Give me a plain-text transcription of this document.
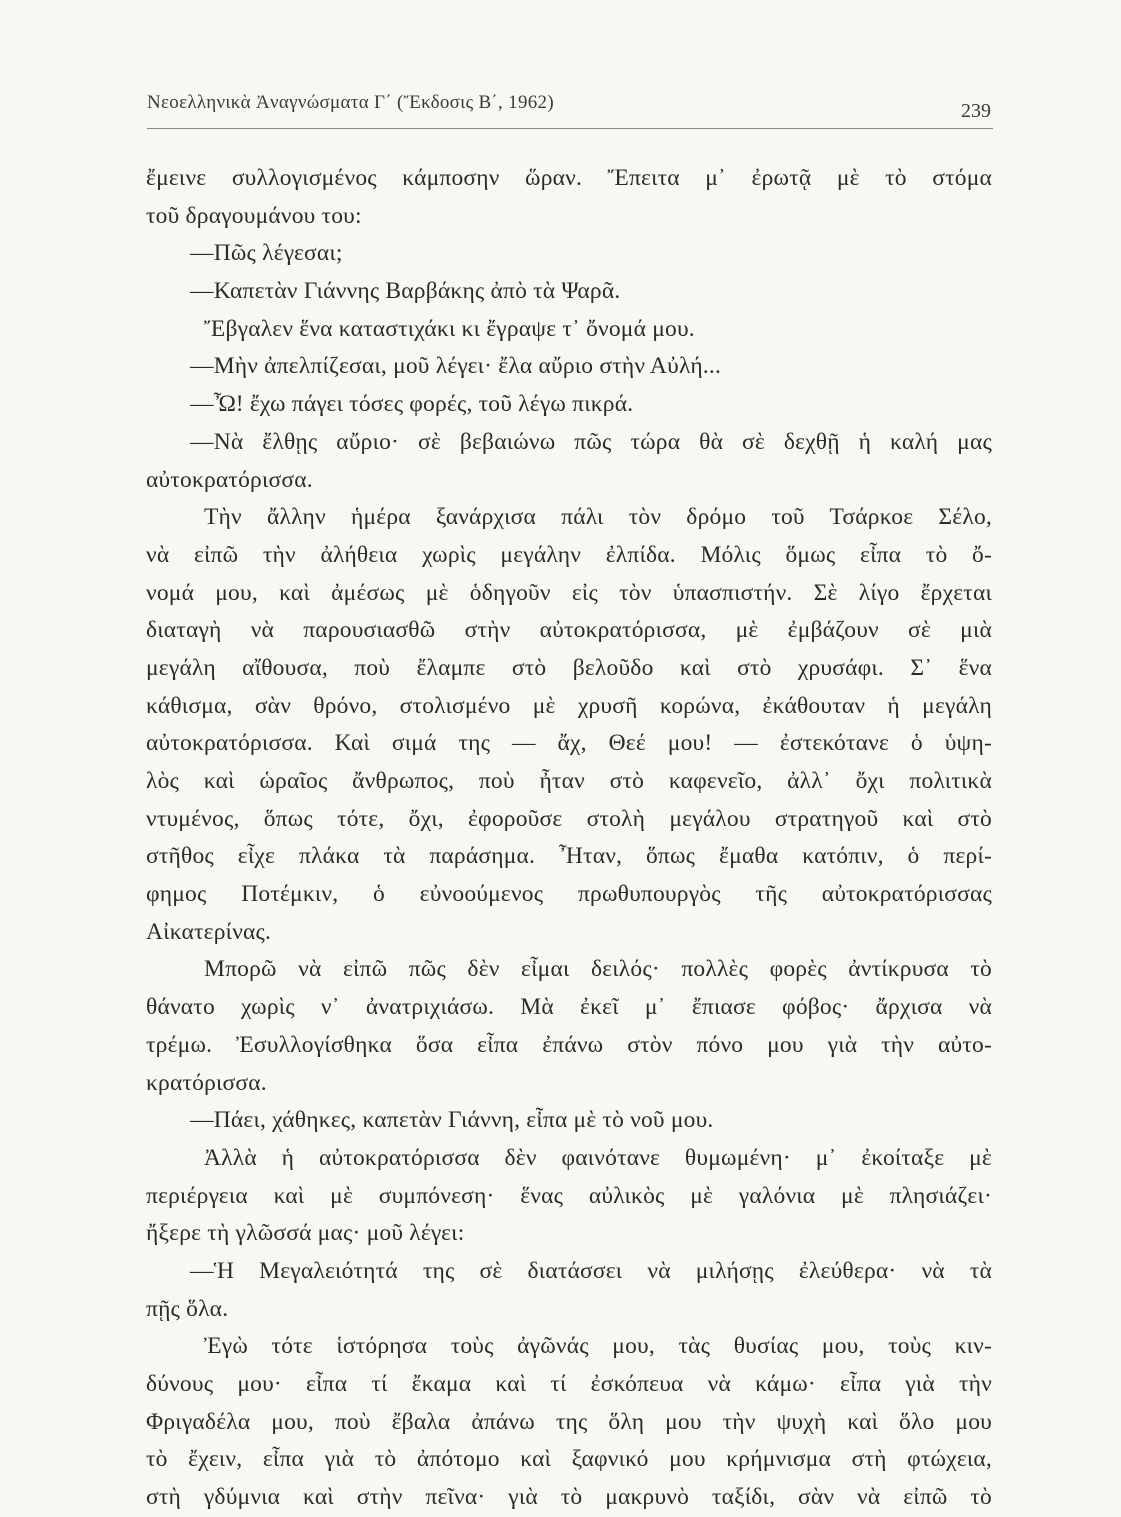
Νεοελληνικὰ Ἀναγνώσματα Γ΄ (Ἔκδοσις Β΄, 1962)	239
ἔμεινε συλλογισμένος κάμποσην ὥραν. Ἔπειτα μ᾿ ἐρωτᾷ μὲ τὸ στόμα
τοῦ δραγουμάνου του:
—Πῶς λέγεσαι;
—Καπετὰν Γιάννης Βαρβάκης ἀπὸ τὰ Ψαρᾶ.
Ἔβγαλεν ἕνα καταστιχάκι κι ἔγραψε τ᾿ ὄνομά μου.
—Μὴν ἀπελπίζεσαι, μοῦ λέγει· ἔλα αὔριο στὴν Αὐλή...
—Ὦ! ἔχω πάγει τόσες φορές, τοῦ λέγω πικρά.
—Νὰ ἔλθῃς αὔριο· σὲ βεβαιώνω πῶς τώρα θὰ σὲ δεχθῇ ἡ καλή μας
αὐτοκρατόρισσα.
Τὴν ἄλλην ἡμέρα ξανάρχισα πάλι τὸν δρόμο τοῦ Τσάρκοε Σέλο,
νὰ εἰπῶ τὴν ἀλήθεια χωρὶς μεγάλην ἐλπίδα. Μόλις ὅμως εἶπα τὸ ὄ-
νομά μου, καὶ ἀμέσως μὲ ὁδηγοῦν εἰς τὸν ὑπασπιστήν. Σὲ λίγο ἔρχεται
διαταγὴ νὰ παρουσιασθῶ στὴν αὐτοκρατόρισσα, μὲ ἐμβάζουν σὲ μιὰ
μεγάλη αἴθουσα, ποὺ ἔλαμπε στὸ βελοῦδο καὶ στὸ χρυσάφι. Σ᾿ ἕνα
κάθισμα, σὰν θρόνο, στολισμένο μὲ χρυσῆ κορώνα, ἐκάθουταν ἡ μεγάλη
αὐτοκρατόρισσα. Καὶ σιμά της — ἄχ, Θεέ μου! — ἐστεκότανε ὁ ὑψη-
λὸς καὶ ὡραῖος ἄνθρωπος, ποὺ ἦταν στὸ καφενεῖο, ἀλλ᾿ ὄχι πολιτικὰ
ντυμένος, ὅπως τότε, ὄχι, ἐφοροῦσε στολὴ μεγάλου στρατηγοῦ καὶ στὸ
στῆθος εἶχε πλάκα τὰ παράσημα. Ἦταν, ὅπως ἔμαθα κατόπιν, ὁ περί-
φημος Ποτέμκιν, ὁ εὐνοούμενος πρωθυπουργὸς τῆς αὐτοκρατόρισσας
Αἰκατερίνας.
Μπορῶ νὰ εἰπῶ πῶς δὲν εἶμαι δειλός· πολλὲς φορὲς ἀντίκρυσα τὸ
θάνατο χωρὶς ν᾿ ἀνατριχιάσω. Μὰ ἐκεῖ μ᾿ ἔπιασε φόβος· ἄρχισα νὰ
τρέμω. Ἐσυλλογίσθηκα ὅσα εἶπα ἐπάνω στὸν πόνο μου γιὰ τὴν αὐτο-
κρατόρισσα.
—Πάει, χάθηκες, καπετὰν Γιάννη, εἶπα μὲ τὸ νοῦ μου.
Ἀλλὰ ἡ αὐτοκρατόρισσα δὲν φαινότανε θυμωμένη· μ᾿ ἐκοίταξε μὲ
περιέργεια καὶ μὲ συμπόνεση· ἕνας αὐλικὸς μὲ γαλόνια μὲ πλησιάζει·
ἤξερε τὴ γλῶσσά μας· μοῦ λέγει:
—Ἡ Μεγαλειότητά της σὲ διατάσσει νὰ μιλήσῃς ἐλεύθερα· νὰ τὰ
πῇς ὅλα.
Ἐγὼ τότε ἱστόρησα τοὺς ἀγῶνάς μου, τὰς θυσίας μου, τοὺς κιν-
δύνους μου· εἶπα τί ἔκαμα καὶ τί ἐσκόπευα νὰ κάμω· εἶπα γιὰ τὴν
Φριγαδέλα μου, ποὺ ἔβαλα ἀπάνω της ὅλη μου τὴν ψυχὴ καὶ ὅλο μου
τὸ ἔχειν, εἶπα γιὰ τὸ ἀπότομο καὶ ξαφνικό μου κρήμνισμα στὴ φτώχεια,
στὴ γδύμνια καὶ στὴν πεῖνα· γιὰ τὸ μακρυνὸ ταξίδι, σὰν νὰ εἰπῶ τὸ
